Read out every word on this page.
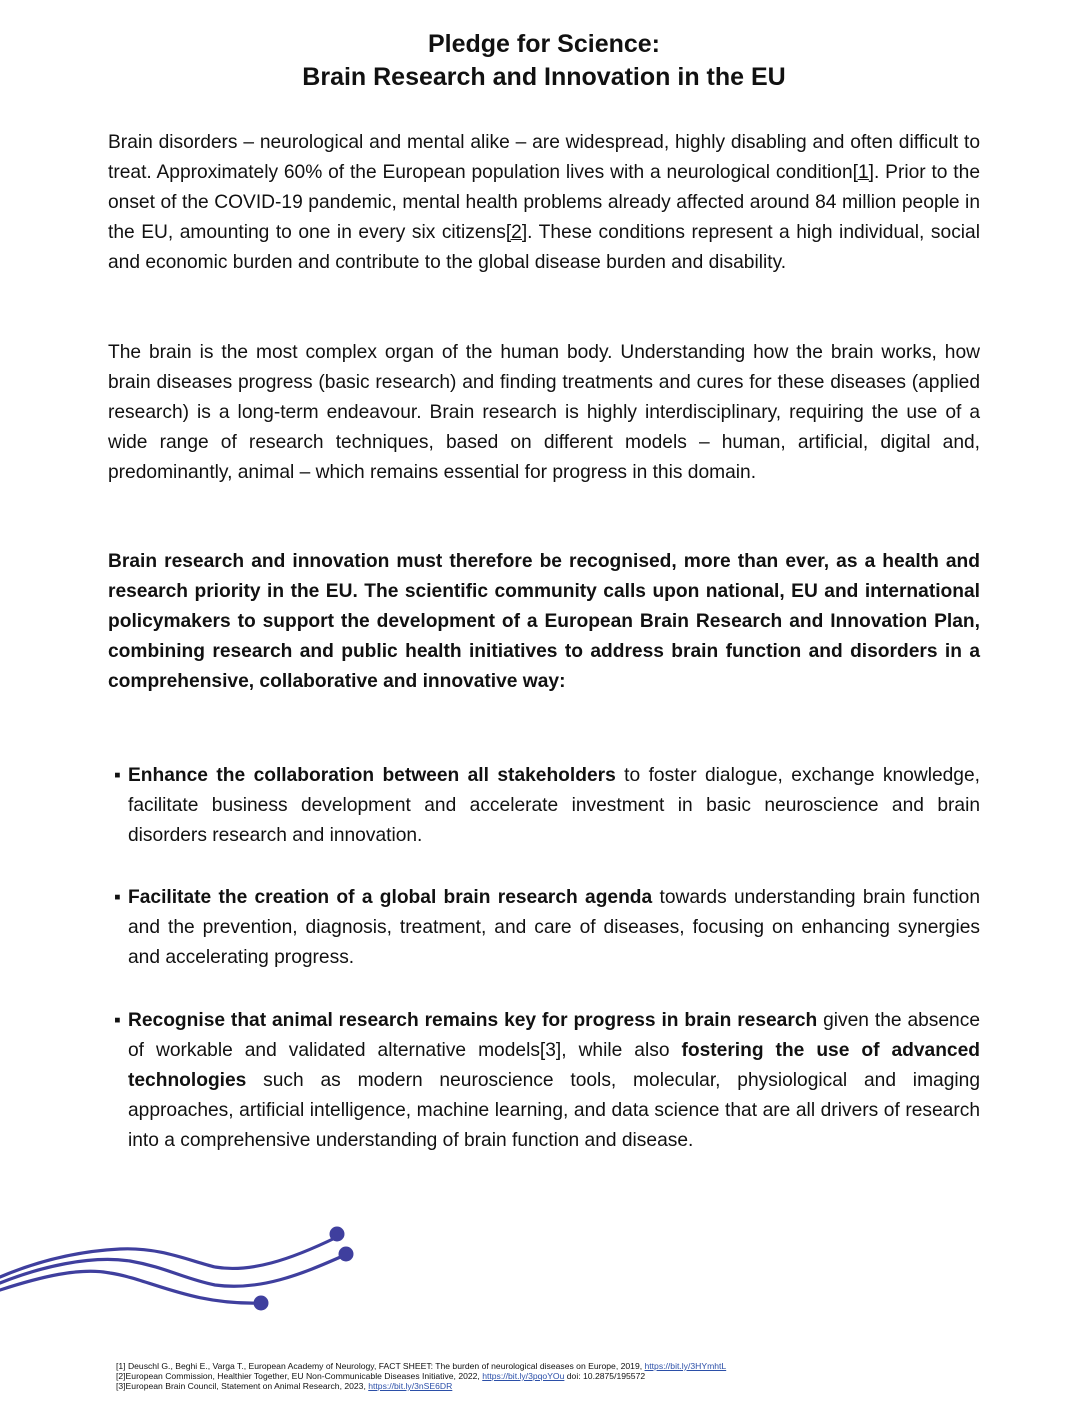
Pledge for Science:
Brain Research and Innovation in the EU
Brain disorders – neurological and mental alike – are widespread, highly disabling and often difficult to treat. Approximately 60% of the European population lives with a neurological condition[1]. Prior to the onset of the COVID-19 pandemic, mental health problems already affected around 84 million people in the EU, amounting to one in every six citizens[2]. These conditions represent a high individual, social and economic burden and contribute to the global disease burden and disability.
The brain is the most complex organ of the human body. Understanding how the brain works, how brain diseases progress (basic research) and finding treatments and cures for these diseases (applied research) is a long-term endeavour. Brain research is highly interdisciplinary, requiring the use of a wide range of research techniques, based on different models – human, artificial, digital and, predominantly, animal – which remains essential for progress in this domain.
Brain research and innovation must therefore be recognised, more than ever, as a health and research priority in the EU. The scientific community calls upon national, EU and international policymakers to support the development of a European Brain Research and Innovation Plan, combining research and public health initiatives to address brain function and disorders in a comprehensive, collaborative and innovative way:
▪ Enhance the collaboration between all stakeholders to foster dialogue, exchange knowledge, facilitate business development and accelerate investment in basic neuroscience and brain disorders research and innovation.
▪ Facilitate the creation of a global brain research agenda towards understanding brain function and the prevention, diagnosis, treatment, and care of diseases, focusing on enhancing synergies and accelerating progress.
▪ Recognise that animal research remains key for progress in brain research given the absence of workable and validated alternative models[3], while also fostering the use of advanced technologies such as modern neuroscience tools, molecular, physiological and imaging approaches, artificial intelligence, machine learning, and data science that are all drivers of research into a comprehensive understanding of brain function and disease.
[1] Deuschl G., Beghi E., Varga T., European Academy of Neurology, FACT SHEET: The burden of neurological diseases on Europe, 2019, https://bit.ly/3HYmhtL
[2]European Commission, Healthier Together, EU Non-Communicable Diseases Initiative, 2022, https://bit.ly/3pqoYOu doi: 10.2875/195572
[3]European Brain Council, Statement on Animal Research, 2023, https://bit.ly/3nSE6DR
